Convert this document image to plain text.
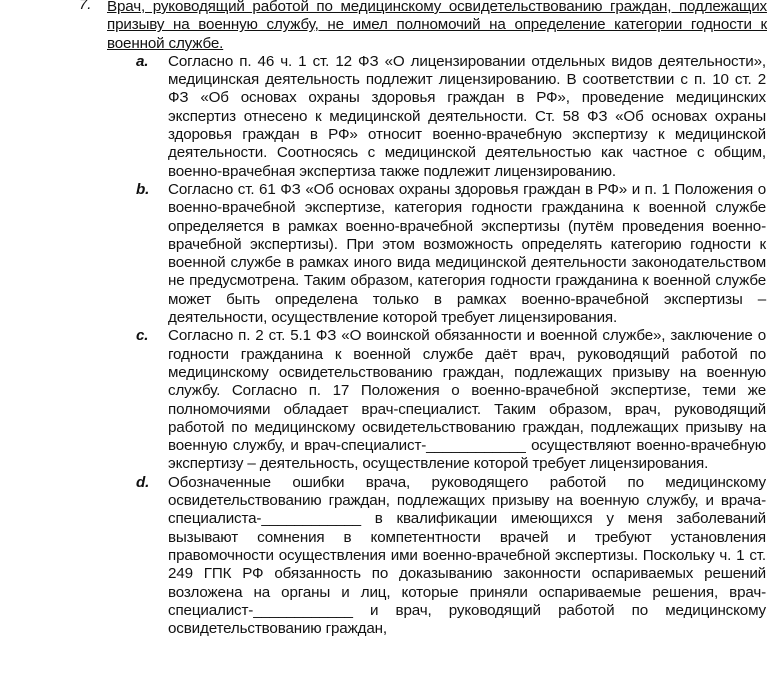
7. Врач, руководящий работой по медицинскому освидетельствованию граждан, подлежащих призыву на военную службу, не имел полномочий на определение категории годности к военной службе.
a. Согласно п. 46 ч. 1 ст. 12 ФЗ «О лицензировании отдельных видов деятельности», медицинская деятельность подлежит лицензированию. В соответствии с п. 10 ст. 2 ФЗ «Об основах охраны здоровья граждан в РФ», проведение медицинских экспертиз отнесено к медицинской деятельности. Ст. 58 ФЗ «Об основах охраны здоровья граждан в РФ» относит военно-врачебную экспертизу к медицинской деятельности. Соотносясь с медицинской деятельностью как частное с общим, военно-врачебная экспертиза также подлежит лицензированию.
b. Согласно ст. 61 ФЗ «Об основах охраны здоровья граждан в РФ» и п. 1 Положения о военно-врачебной экспертизе, категория годности гражданина к военной службе определяется в рамках военно-врачебной экспертизы (путём проведения военно-врачебной экспертизы). При этом возможность определять категорию годности к военной службе в рамках иного вида медицинской деятельности законодательством не предусмотрена. Таким образом, категория годности гражданина к военной службе может быть определена только в рамках военно-врачебной экспертизы – деятельности, осуществление которой требует лицензирования.
c. Согласно п. 2 ст. 5.1 ФЗ «О воинской обязанности и военной службе», заключение о годности гражданина к военной службе даёт врач, руководящий работой по медицинскому освидетельствованию граждан, подлежащих призыву на военную службу. Согласно п. 17 Положения о военно-врачебной экспертизе, теми же полномочиями обладает врач-специалист. Таким образом, врач, руководящий работой по медицинскому освидетельствованию граждан, подлежащих призыву на военную службу, и врач-специалист-____________ осуществляют военно-врачебную экспертизу – деятельность, осуществление которой требует лицензирования.
d. Обозначенные ошибки врача, руководящего работой по медицинскому освидетельствованию граждан, подлежащих призыву на военную службу, и врача-специалиста-____________ в квалификации имеющихся у меня заболеваний вызывают сомнения в компетентности врачей и требуют установления правомочности осуществления ими военно-врачебной экспертизы. Поскольку ч. 1 ст. 249 ГПК РФ обязанность по доказыванию законности оспариваемых решений возложена на органы и лиц, которые приняли оспариваемые решения, врач-специалист-____________ и врач, руководящий работой по медицинскому освидетельствованию граждан,
